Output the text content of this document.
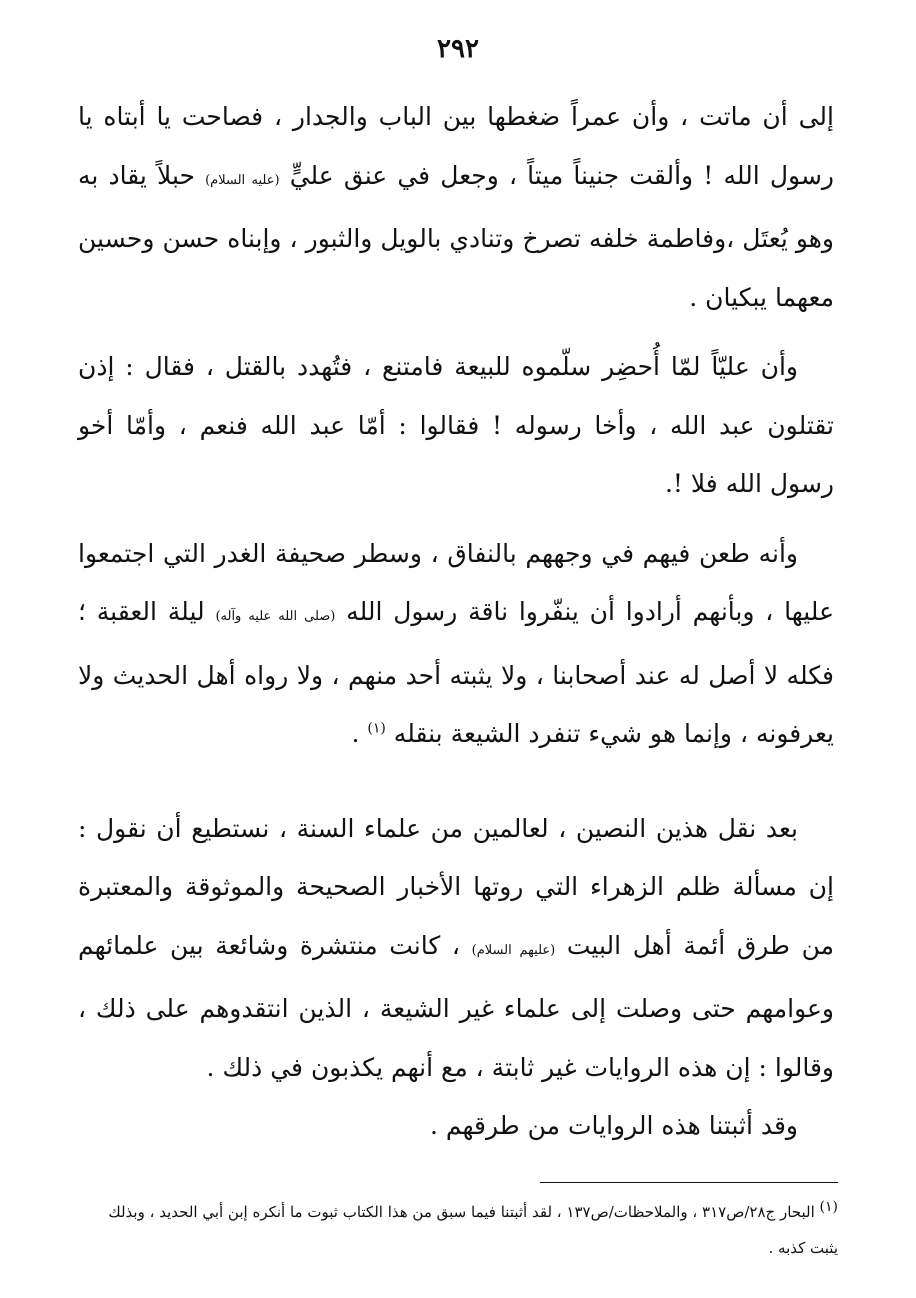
٢٩٢

إلى أن ماتت ، وأن عمراً ضغطها بين الباب والجدار ، فصاحت يا أبتاه يا رسول الله ! وألقت جنيناً ميتاً ، وجعل في عنق عليٍّ (عليه السلام) حبلاً يقاد به وهو يُعتَل ،وفاطمة خلفه تصرخ وتنادي بالويل والثبور ، وإبناه حسن وحسين معهما يبكيان .

وأن عليّاً لمّا أُحضِر سلّموه للبيعة فامتنع ، فتُهدد بالقتل ، فقال : إذن تقتلون عبد الله ، وأخا رسوله ! فقالوا : أمّا عبد الله فنعم ، وأمّا أخو رسول الله فلا !.

وأنه طعن فيهم في وجههم بالنفاق ، وسطر صحيفة الغدر التي اجتمعوا عليها ، وبأنهم أرادوا أن ينفّروا ناقة رسول الله (صلى الله عليه وآله) ليلة العقبة ؛ فكله لا أصل له عند أصحابنا ، ولا يثبته أحد منهم ، ولا رواه أهل الحديث ولا يعرفونه ، وإنما هو شيء تنفرد الشيعة بنقله $^{(١)}$ .

بعد نقل هذين النصين ، لعالمين من علماء السنة ، نستطيع أن نقول : إن مسألة ظلم الزهراء التي روتها الأخبار الصحيحة والموثوقة والمعتبرة من طرق أئمة أهل البيت (عليهم السلام) ، كانت منتشرة وشائعة بين علمائهم وعوامهم حتى وصلت إلى علماء غير الشيعة ، الذين انتقدوهم على ذلك ، وقالوا : إن هذه الروايات غير ثابتة ، مع أنهم يكذبون في ذلك .

وقد أثبتنا هذه الروايات من طرقهم .

(١) البحار ج٢٨/ص٣١٧ ، والملاحظات/ص١٣٧ ، لقد أثبتنا فيما سبق من هذا الكتاب ثبوت ما أنكره إبن أبي الحديد ، وبذلك يثبت كذبه .
